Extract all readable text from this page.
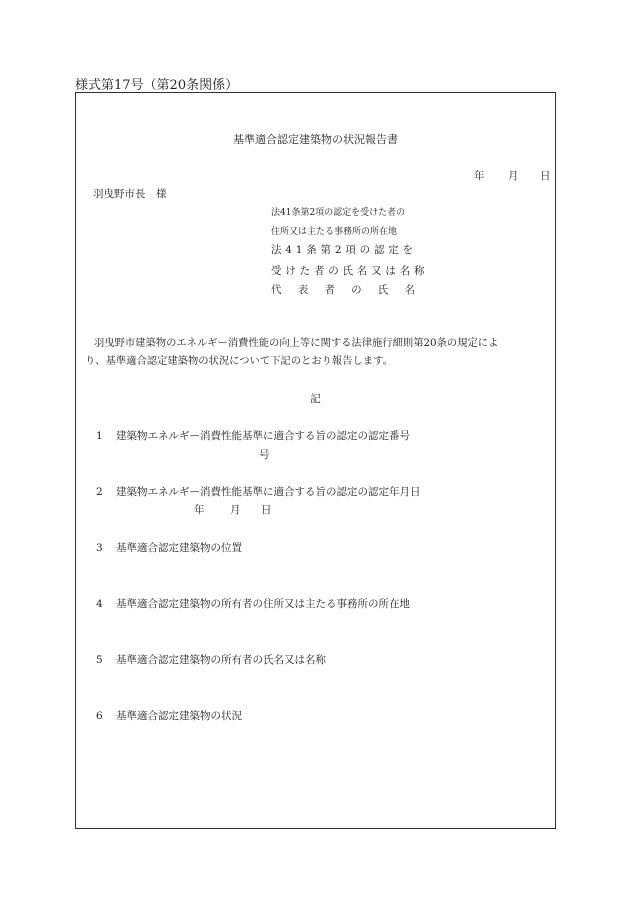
様式第17号（第20条関係）
基準適合認定建築物の状況報告書
年 月 日
羽曳野市長　様
法41条第2項の認定を受けた者の
住所又は主たる事務所の所在地
法41条第2項の認定を
受けた者の氏名又は名称
代 表 者 の 氏 名
羽曳野市建築物のエネルギー消費性能の向上等に関する法律施行細則第20条の規定によ
り、基準適合認定建築物の状況について下記のとおり報告します。
記
1 建築物エネルギー消費性能基準に適合する旨の認定の認定番号
号
2 建築物エネルギー消費性能基準に適合する旨の認定の認定年月日
年 月 日
3 基準適合認定建築物の位置
4 基準適合認定建築物の所有者の住所又は主たる事務所の所在地
5 基準適合認定建築物の所有者の氏名又は名称
6 基準適合認定建築物の状況
